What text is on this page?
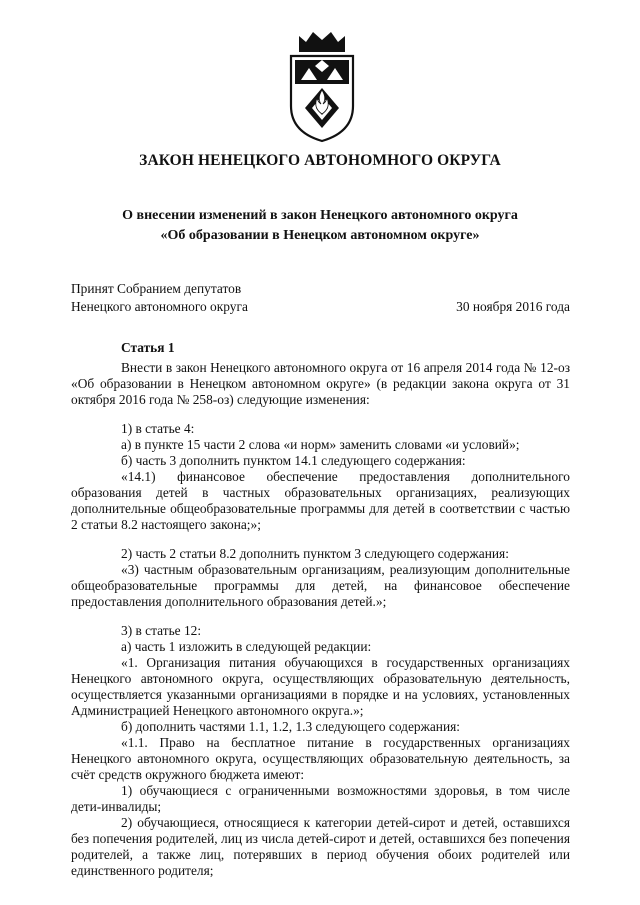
ЗАКОН НЕНЕЦКОГО АВТОНОМНОГО ОКРУГА
О внесении изменений в закон Ненецкого автономного округа
«Об образовании в Ненецком автономном округе»
Принят Собранием депутатов
Ненецкого автономного округа	30 ноября 2016 года
Статья 1

Внести в закон Ненецкого автономного округа от 16 апреля 2014 года № 12-оз «Об образовании в Ненецком автономном округе» (в редакции закона округа от 31 октября 2016 года № 258-оз) следующие изменения:

1) в статье 4:

а) в пункте 15 части 2 слова «и норм» заменить словами «и условий»;

б) часть 3 дополнить пунктом 14.1 следующего содержания:

«14.1) финансовое обеспечение предоставления дополнительного образования детей в частных образовательных организациях, реализующих дополнительные общеобразовательные программы для детей в соответствии с частью 2 статьи 8.2 настоящего закона;»;

2) часть 2 статьи 8.2 дополнить пунктом 3 следующего содержания:

«3) частным образовательным организациям, реализующим дополнительные общеобразовательные программы для детей, на финансовое обеспечение предоставления дополнительного образования детей.»;

3) в статье 12:

а) часть 1 изложить в следующей редакции:

«1. Организация питания обучающихся в государственных организациях Ненецкого автономного округа, осуществляющих образовательную деятельность, осуществляется указанными организациями в порядке и на условиях, установленных Администрацией Ненецкого автономного округа.»;

б) дополнить частями 1.1, 1.2, 1.3 следующего содержания:

«1.1. Право на бесплатное питание в государственных организациях Ненецкого автономного округа, осуществляющих образовательную деятельность, за счёт средств окружного бюджета имеют:

1) обучающиеся с ограниченными возможностями здоровья, в том числе дети-инвалиды;

2) обучающиеся, относящиеся к категории детей-сирот и детей, оставшихся без попечения родителей, лиц из числа детей-сирот и детей, оставшихся без попечения родителей, а также лиц, потерявших в период обучения обоих родителей или единственного родителя;
